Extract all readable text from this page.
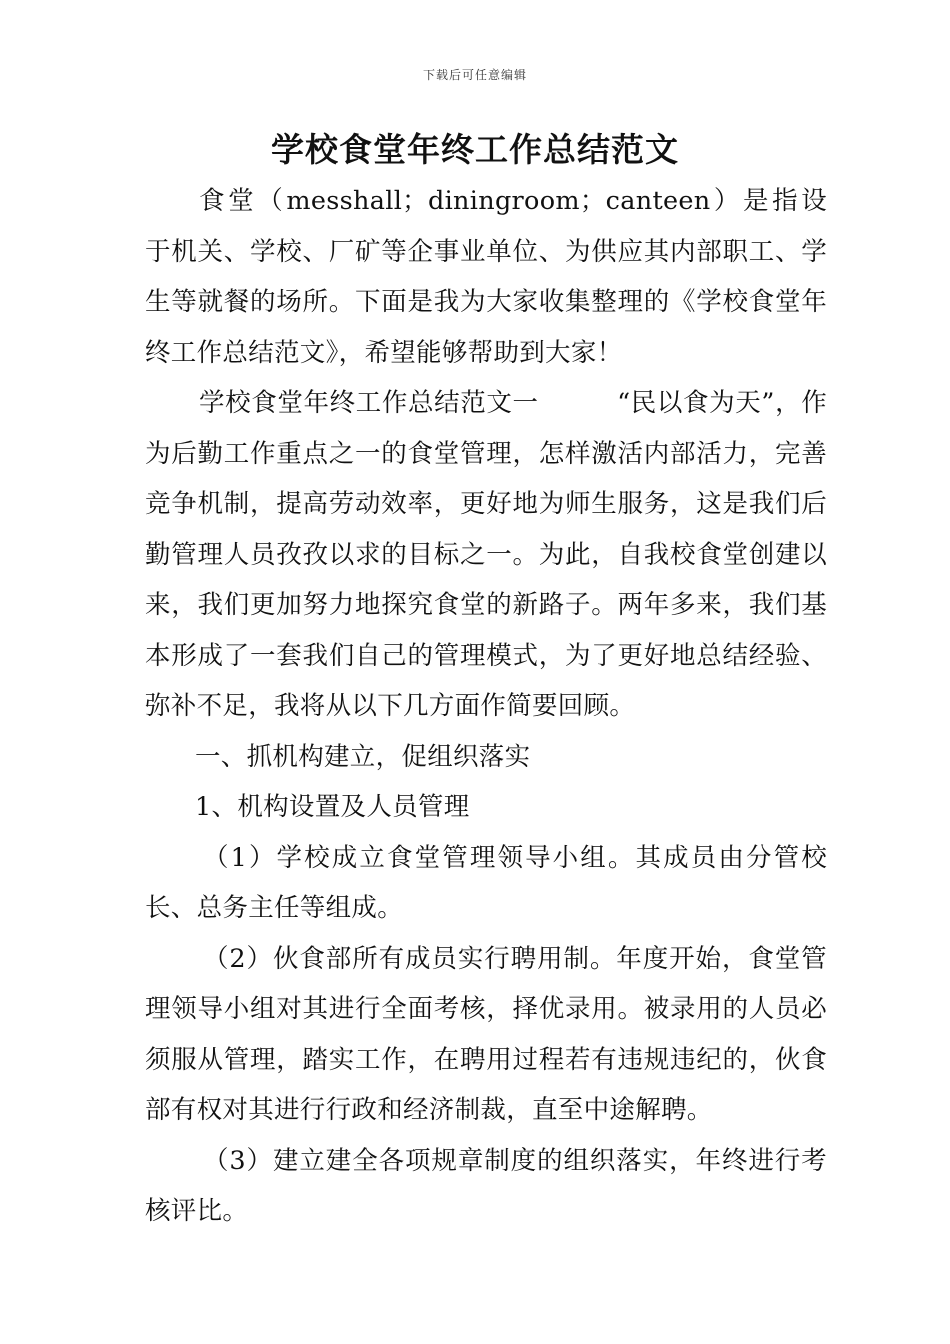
下载后可任意编辑
学校食堂年终工作总结范文

食堂（messhall；diningroom；canteen）是指设于机关、学校、厂矿等企事业单位、为供应其内部职工、学生等就餐的场所。下面是我为大家收集整理的《学校食堂年终工作总结范文》，希望能够帮助到大家！

学校食堂年终工作总结范文一　　　“民以食为天”，作为后勤工作重点之一的食堂管理，怎样激活内部活力，完善竞争机制，提高劳动效率，更好地为师生服务，这是我们后勤管理人员孜孜以求的目标之一。为此，自我校食堂创建以来，我们更加努力地探究食堂的新路子。两年多来，我们基本形成了一套我们自己的管理模式，为了更好地总结经验、弥补不足，我将从以下几方面作简要回顾。

一、抓机构建立，促组织落实

1、机构设置及人员管理

（1）学校成立食堂管理领导小组。其成员由分管校长、总务主任等组成。

（2）伙食部所有成员实行聘用制。年度开始，食堂管理领导小组对其进行全面考核，择优录用。被录用的人员必须服从管理，踏实工作，在聘用过程若有违规违纪的，伙食部有权对其进行行政和经济制裁，直至中途解聘。

（3）建立建全各项规章制度的组织落实，年终进行考核评比。
